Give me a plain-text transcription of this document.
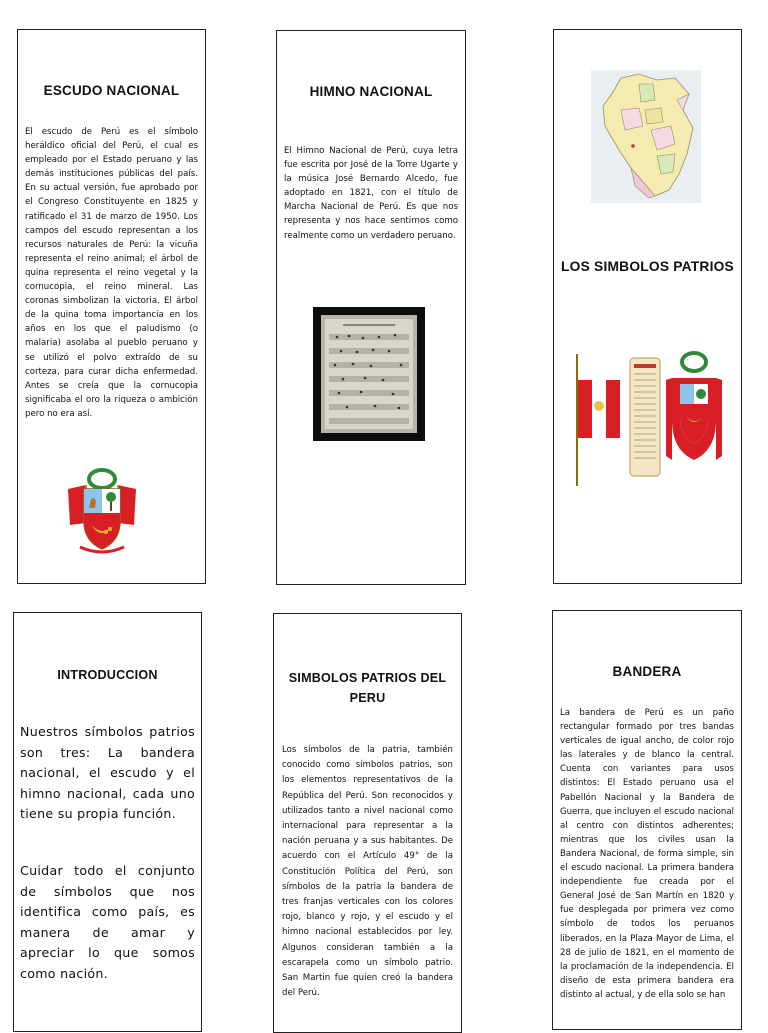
ESCUDO NACIONAL
El escudo de Perú es el símbolo heráldico oficial del Perú, el cual es empleado por el Estado peruano y las demás instituciones públicas del país. En su actual versión, fue aprobado por el Congreso Constituyente en 1825 y ratificado el 31 de marzo de 1950. Los campos del escudo representan a los recursos naturales de Perú: la vicuña representa el reino animal; el árbol de quina representa el reino vegetal y la cornucopia, el reino mineral. Las coronas simbolizan la victoria. El árbol de la quina toma importancia en los años en los que el paludismo (o malaria) asolaba al pueblo peruano y se utilizó el polvo extraído de su corteza, para curar dicha enfermedad. Antes se creía que la cornucopia significaba el oro la riqueza o ambición pero no era así.
HIMNO NACIONAL
El Himno Nacional de Perú, cuya letra fue escrita por José de la Torre Ugarte y la música José Bernardo Alcedo, fue adoptado en 1821, con el título de Marcha Nacional de Perú. Es que nos representa y nos hace sentirnos como realmente como un verdadero peruano.
LOS SIMBOLOS PATRIOS
INTRODUCCION
Nuestros símbolos patrios son tres: La bandera nacional, el escudo y el himno nacional, cada uno tiene su propia función.
Cuidar todo el conjunto de símbolos que nos identifica como país, es manera de amar y apreciar lo que somos como nación.
SIMBOLOS PATRIOS DEL PERU
Los símbolos de la patria, también conocido como símbolos patrios, son los elementos representativos de la República del Perú. Son reconocidos y utilizados tanto a nivel nacional como internacional para representar a la nación peruana y a sus habitantes. De acuerdo con el Artículo 49° de la Constitución Política del Perú, son símbolos de la patria la bandera de tres franjas verticales con los colores rojo, blanco y rojo, y el escudo y el himno nacional establecidos por ley. Algunos consideran también a la escarapela como un símbolo patrio. San Martin fue quien creó la bandera del Perú.
BANDERA
La bandera de Perú es un paño rectangular formado por tres bandas verticales de igual ancho, de color rojo las laterales y de blanco la central. Cuenta con variantes para usos distintos: El Estado peruano usa el Pabellón Nacional y la Bandera de Guerra, que incluyen el escudo nacional al centro con distintos adherentes; mientras que los civiles usan la Bandera Nacional, de forma simple, sin el escudo nacional. La primera bandera independiente fue creada por el General José de San Martín en 1820 y fue desplegada por primera vez como símbolo de todos los peruanos liberados, en la Plaza Mayor de Lima, el 28 de julio de 1821, en el momento de la proclamación de la independencia. El diseño de esta primera bandera era distinto al actual, y de ella solo se han
